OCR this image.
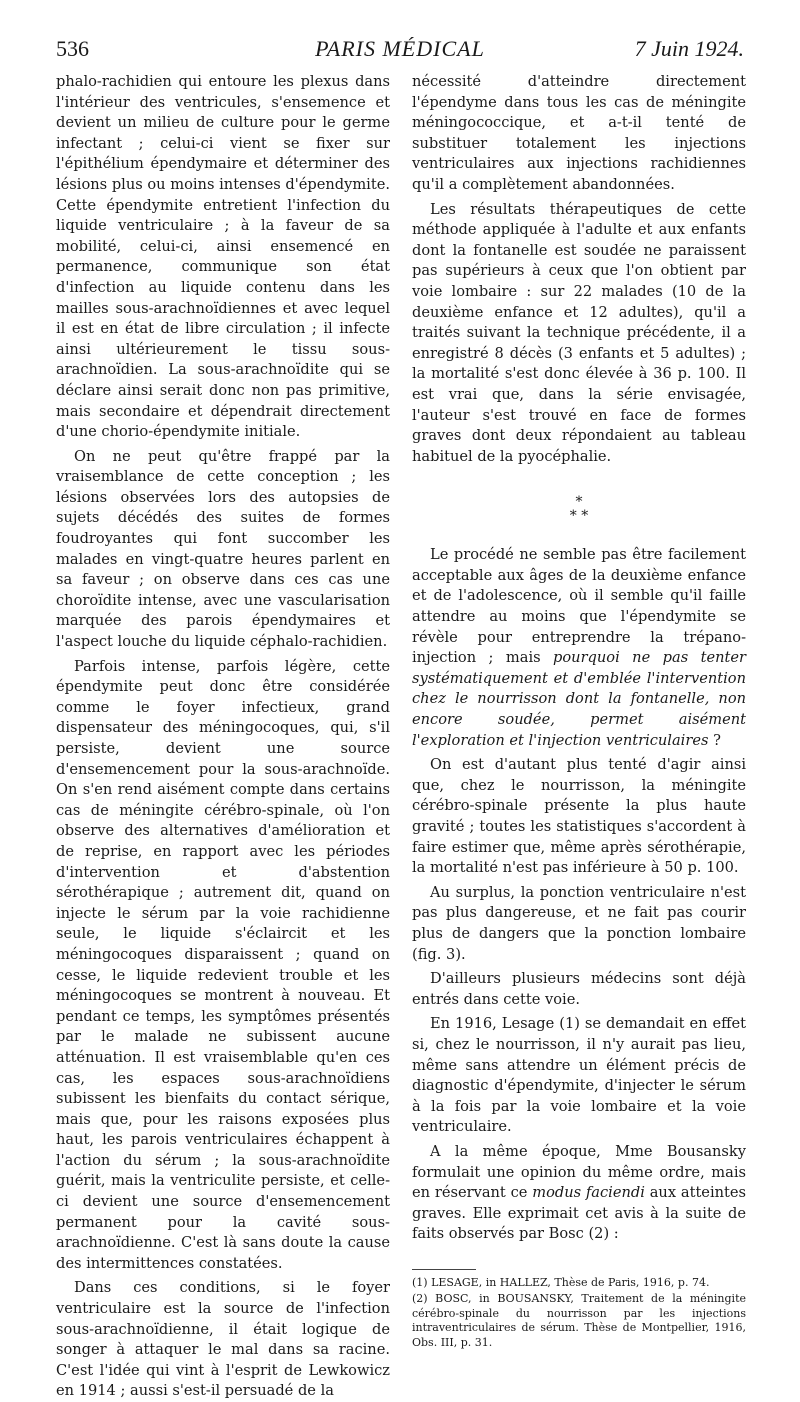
536	PARIS MÉDICAL	7 Juin 1924.

phalo-rachidien qui entoure les plexus dans l'intérieur des ventricules, s'ensemence et devient un milieu de culture pour le germe infectant ; celui-ci vient se fixer sur l'épithélium épendymaire et déterminer des lésions plus ou moins intenses d'épendymite. Cette épendymite entretient l'infection du liquide ventriculaire ; à la faveur de sa mobilité, celui-ci, ainsi ensemencé en permanence, communique son état d'infection au liquide contenu dans les mailles sous-arachnoïdiennes et avec lequel il est en état de libre circulation ; il infecte ainsi ultérieurement le tissu sous-arachnoïdien. La sous-arachnoïdite qui se déclare ainsi serait donc non pas primitive, mais secondaire et dépendrait directement d'une chorio-épendymite initiale.

On ne peut qu'être frappé par la vraisemblance de cette conception ; les lésions observées lors des autopsies de sujets décédés des suites de formes foudroyantes qui font succomber les malades en vingt-quatre heures parlent en sa faveur ; on observe dans ces cas une choroïdite intense, avec une vascularisation marquée des parois épendymaires et l'aspect louche du liquide céphalo-rachidien.

Parfois intense, parfois légère, cette épendymite peut donc être considérée comme le foyer infectieux, grand dispensateur des méningocoques, qui, s'il persiste, devient une source d'ensemencement pour la sous-arachnoïde. On s'en rend aisément compte dans certains cas de méningite cérébro-spinale, où l'on observe des alternatives d'amélioration et de reprise, en rapport avec les périodes d'intervention et d'abstention sérothérapique ; autrement dit, quand on injecte le sérum par la voie rachidienne seule, le liquide s'éclaircit et les méningocoques disparaissent ; quand on cesse, le liquide redevient trouble et les méningocoques se montrent à nouveau. Et pendant ce temps, les symptômes présentés par le malade ne subissent aucune atténuation. Il est vraisemblable qu'en ces cas, les espaces sous-arachnoïdiens subissent les bienfaits du contact sérique, mais que, pour les raisons exposées plus haut, les parois ventriculaires échappent à l'action du sérum ; la sous-arachnoïdite guérit, mais la ventriculite persiste, et celle-ci devient une source d'ensemencement permanent pour la cavité sous-arachnoïdienne. C'est là sans doute la cause des intermittences constatées.

Dans ces conditions, si le foyer ventriculaire est la source de l'infection sous-arachnoïdienne, il était logique de songer à attaquer le mal dans sa racine. C'est l'idée qui vint à l'esprit de Lewkowicz en 1914 ; aussi s'est-il persuadé de la

nécessité d'atteindre directement l'épendyme dans tous les cas de méningite méningococcique, et a-t-il tenté de substituer totalement les injections ventriculaires aux injections rachidiennes qu'il a complètement abandonnées.

Les résultats thérapeutiques de cette méthode appliquée à l'adulte et aux enfants dont la fontanelle est soudée ne paraissent pas supérieurs à ceux que l'on obtient par voie lombaire : sur 22 malades (10 de la deuxième enfance et 12 adultes), qu'il a traités suivant la technique précédente, il a enregistré 8 décès (3 enfants et 5 adultes) ; la mortalité s'est donc élevée à 36 p. 100. Il est vrai que, dans la série envisagée, l'auteur s'est trouvé en face de formes graves dont deux répondaient au tableau habituel de la pyocéphalie.

*
* *

Le procédé ne semble pas être facilement acceptable aux âges de la deuxième enfance et de l'adolescence, où il semble qu'il faille attendre au moins que l'épendymite se révèle pour entreprendre la trépano-injection ; mais pourquoi ne pas tenter systématiquement et d'emblée l'intervention chez le nourrisson dont la fontanelle, non encore soudée, permet aisément l'exploration et l'injection ventriculaires ?

On est d'autant plus tenté d'agir ainsi que, chez le nourrisson, la méningite cérébro-spinale présente la plus haute gravité ; toutes les statistiques s'accordent à faire estimer que, même après sérothérapie, la mortalité n'est pas inférieure à 50 p. 100.

Au surplus, la ponction ventriculaire n'est pas plus dangereuse, et ne fait pas courir plus de dangers que la ponction lombaire (fig. 3).

D'ailleurs plusieurs médecins sont déjà entrés dans cette voie.

En 1916, Lesage (1) se demandait en effet si, chez le nourrisson, il n'y aurait pas lieu, même sans attendre un élément précis de diagnostic d'épendymite, d'injecter le sérum à la fois par la voie lombaire et la voie ventriculaire.

A la même époque, Mme Bousansky formulait une opinion du même ordre, mais en réservant ce modus faciendi aux atteintes graves. Elle exprimait cet avis à la suite de faits observés par Bosc (2) :

(1) LESAGE, in HALLEZ, Thèse de Paris, 1916, p. 74.

(2) BOSC, in BOUSANSKY, Traitement de la méningite cérébro-spinale du nourrisson par les injections intraventriculaires de sérum. Thèse de Montpellier, 1916, Obs. III, p. 31.
